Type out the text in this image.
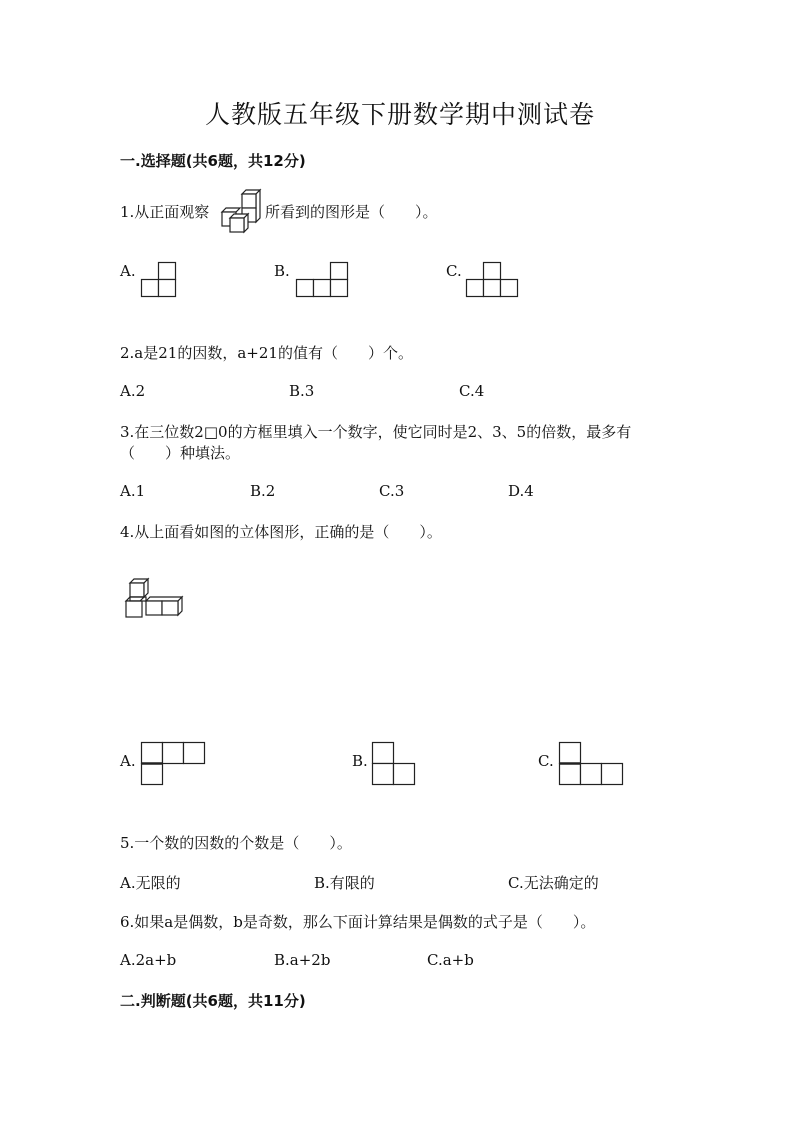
人教版五年级下册数学期中测试卷
一.选择题(共6题，共12分)
1.从正面观察	所看到的图形是（　　）。
A.	B.	C.
2.a是21的因数，a+21的值有（　　）个。
A.2	B.3	C.4
3.在三位数2□0的方框里填入一个数字，使它同时是2、3、5的倍数，最多有
（　　）种填法。
A.1	B.2	C.3	D.4
4.从上面看如图的立体图形，正确的是（　　）。
A.	B.	C.
5.一个数的因数的个数是（　　）。
A.无限的	B.有限的	C.无法确定的
6.如果a是偶数，b是奇数，那么下面计算结果是偶数的式子是（　　）。
A.2a+b	B.a+2b	C.a+b
二.判断题(共6题，共11分)
